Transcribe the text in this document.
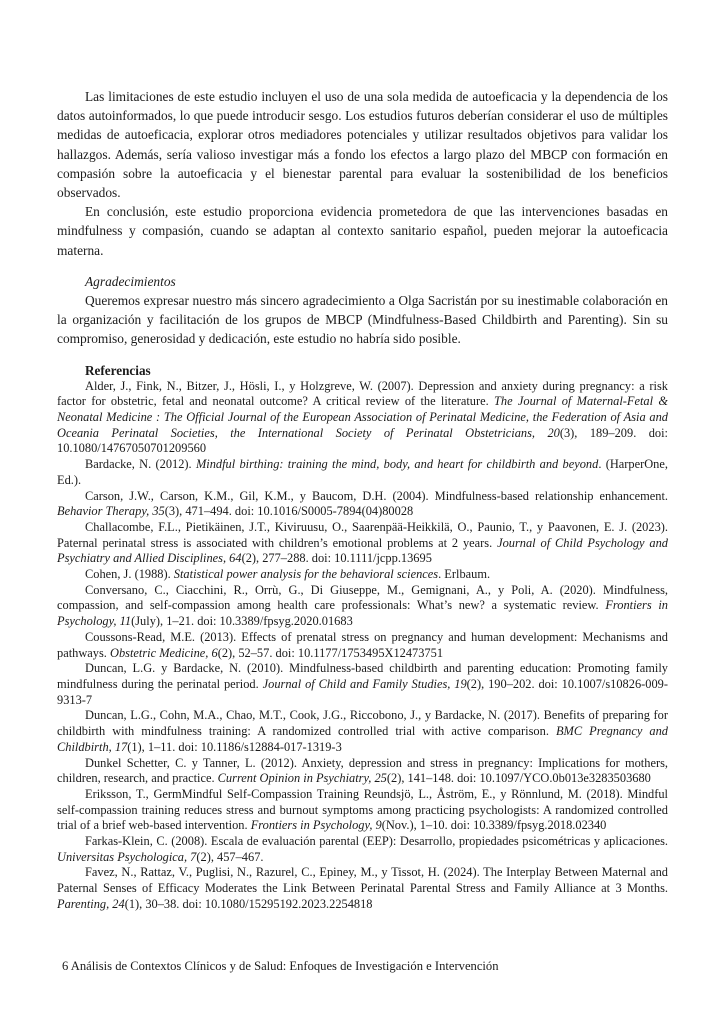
Las limitaciones de este estudio incluyen el uso de una sola medida de autoeficacia y la dependencia de los datos autoinformados, lo que puede introducir sesgo. Los estudios futuros deberían considerar el uso de múltiples medidas de autoeficacia, explorar otros mediadores potenciales y utilizar resultados objetivos para validar los hallazgos. Además, sería valioso investigar más a fondo los efectos a largo plazo del MBCP con formación en compasión sobre la autoeficacia y el bienestar parental para evaluar la sostenibilidad de los beneficios observados.

En conclusión, este estudio proporciona evidencia prometedora de que las intervenciones basadas en mindfulness y compasión, cuando se adaptan al contexto sanitario español, pueden mejorar la autoeficacia materna.

Agradecimientos

Queremos expresar nuestro más sincero agradecimiento a Olga Sacristán por su inestimable colaboración en la organización y facilitación de los grupos de MBCP (Mindfulness-Based Childbirth and Parenting). Sin su compromiso, generosidad y dedicación, este estudio no habría sido posible.

Referencias

Alder, J., Fink, N., Bitzer, J., Hösli, I., y Holzgreve, W. (2007). Depression and anxiety during pregnancy: a risk factor for obstetric, fetal and neonatal outcome? A critical review of the literature. The Journal of Maternal-Fetal & Neonatal Medicine : The Official Journal of the European Association of Perinatal Medicine, the Federation of Asia and Oceania Perinatal Societies, the International Society of Perinatal Obstetricians, 20(3), 189–209. doi: 10.1080/14767050701209560

Bardacke, N. (2012). Mindful birthing: training the mind, body, and heart for childbirth and beyond. (HarperOne, Ed.).

Carson, J.W., Carson, K.M., Gil, K.M., y Baucom, D.H. (2004). Mindfulness-based relationship enhancement. Behavior Therapy, 35(3), 471–494. doi: 10.1016/S0005-7894(04)80028

Challacombe, F.L., Pietikäinen, J.T., Kiviruusu, O., Saarenpää-Heikkilä, O., Paunio, T., y Paavonen, E. J. (2023). Paternal perinatal stress is associated with children’s emotional problems at 2 years. Journal of Child Psychology and Psychiatry and Allied Disciplines, 64(2), 277–288. doi: 10.1111/jcpp.13695

Cohen, J. (1988). Statistical power analysis for the behavioral sciences. Erlbaum.

Conversano, C., Ciacchini, R., Orrù, G., Di Giuseppe, M., Gemignani, A., y Poli, A. (2020). Mindfulness, compassion, and self-compassion among health care professionals: What’s new? a systematic review. Frontiers in Psychology, 11(July), 1–21. doi: 10.3389/fpsyg.2020.01683

Coussons-Read, M.E. (2013). Effects of prenatal stress on pregnancy and human development: Mechanisms and pathways. Obstetric Medicine, 6(2), 52–57. doi: 10.1177/1753495X12473751

Duncan, L.G. y Bardacke, N. (2010). Mindfulness-based childbirth and parenting education: Promoting family mindfulness during the perinatal period. Journal of Child and Family Studies, 19(2), 190–202. doi: 10.1007/s10826-009-9313-7

Duncan, L.G., Cohn, M.A., Chao, M.T., Cook, J.G., Riccobono, J., y Bardacke, N. (2017). Benefits of preparing for childbirth with mindfulness training: A randomized controlled trial with active comparison. BMC Pregnancy and Childbirth, 17(1), 1–11. doi: 10.1186/s12884-017-1319-3

Dunkel Schetter, C. y Tanner, L. (2012). Anxiety, depression and stress in pregnancy: Implications for mothers, children, research, and practice. Current Opinion in Psychiatry, 25(2), 141–148. doi: 10.1097/YCO.0b013e3283503680

Eriksson, T., GermMindful Self-Compassion Training Reundsjö, L., Åström, E., y Rönnlund, M. (2018). Mindful self-compassion training reduces stress and burnout symptoms among practicing psychologists: A randomized controlled trial of a brief web-based intervention. Frontiers in Psychology, 9(Nov.), 1–10. doi: 10.3389/fpsyg.2018.02340

Farkas-Klein, C. (2008). Escala de evaluación parental (EEP): Desarrollo, propiedades psicométricas y aplicaciones. Universitas Psychologica, 7(2), 457–467.

Favez, N., Rattaz, V., Puglisi, N., Razurel, C., Epiney, M., y Tissot, H. (2024). The Interplay Between Maternal and Paternal Senses of Efficacy Moderates the Link Between Perinatal Parental Stress and Family Alliance at 3 Months. Parenting, 24(1), 30–38. doi: 10.1080/15295192.2023.2254818

6 Análisis de Contextos Clínicos y de Salud: Enfoques de Investigación e Intervención
